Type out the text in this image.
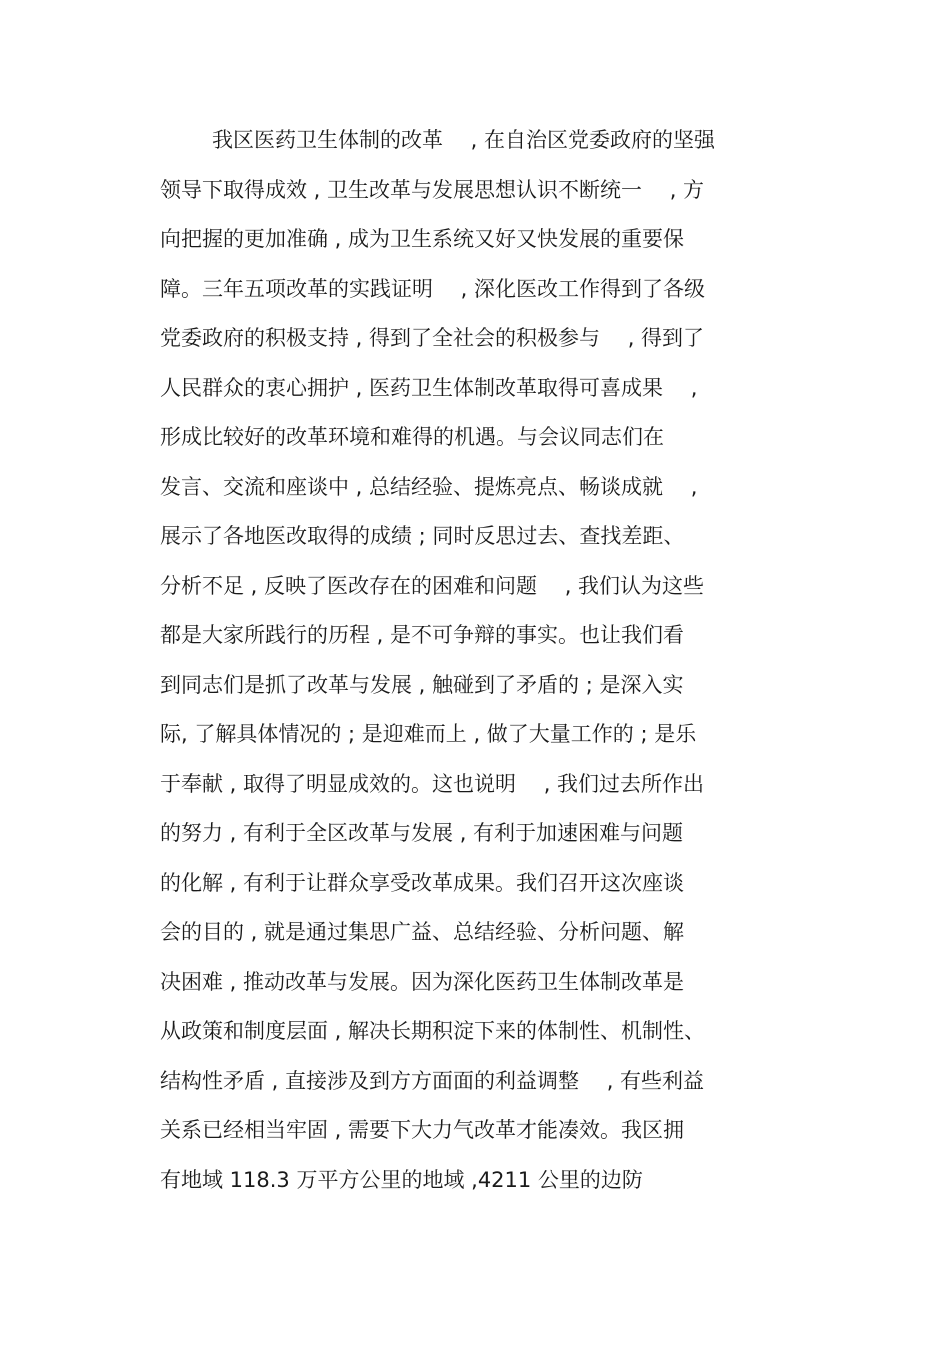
我区医药卫生体制的改革　 , 在自治区党委政府的坚强
领导下取得成效 , 卫生改革与发展思想认识不断统一　 , 方
向把握的更加准确 , 成为卫生系统又好又快发展的重要保
障。三年五项改革的实践证明　 , 深化医改工作得到了各级
党委政府的积极支持 , 得到了全社会的积极参与　 , 得到了
人民群众的衷心拥护 , 医药卫生体制改革取得可喜成果　 ,
形成比较好的改革环境和难得的机遇。与会议同志们在
发言、交流和座谈中 , 总结经验、提炼亮点、畅谈成就　 ,
展示了各地医改取得的成绩 ; 同时反思过去、查找差距、
分析不足 , 反映了医改存在的困难和问题　 , 我们认为这些
都是大家所践行的历程 , 是不可争辩的事实。也让我们看
到同志们是抓了改革与发展 , 触碰到了矛盾的 ; 是深入实
际, 了解具体情况的 ; 是迎难而上 , 做了大量工作的 ; 是乐
于奉献 , 取得了明显成效的。这也说明　 , 我们过去所作出
的努力 , 有利于全区改革与发展 , 有利于加速困难与问题
的化解 , 有利于让群众享受改革成果。我们召开这次座谈
会的目的 , 就是通过集思广益、总结经验、分析问题、解
决困难 , 推动改革与发展。因为深化医药卫生体制改革是
从政策和制度层面 , 解决长期积淀下来的体制性、机制性、
结构性矛盾 , 直接涉及到方方面面的利益调整　 , 有些利益
关系已经相当牢固 , 需要下大力气改革才能凑效。我区拥
有地域 118.3 万平方公里的地域 ,4211 公里的边防
